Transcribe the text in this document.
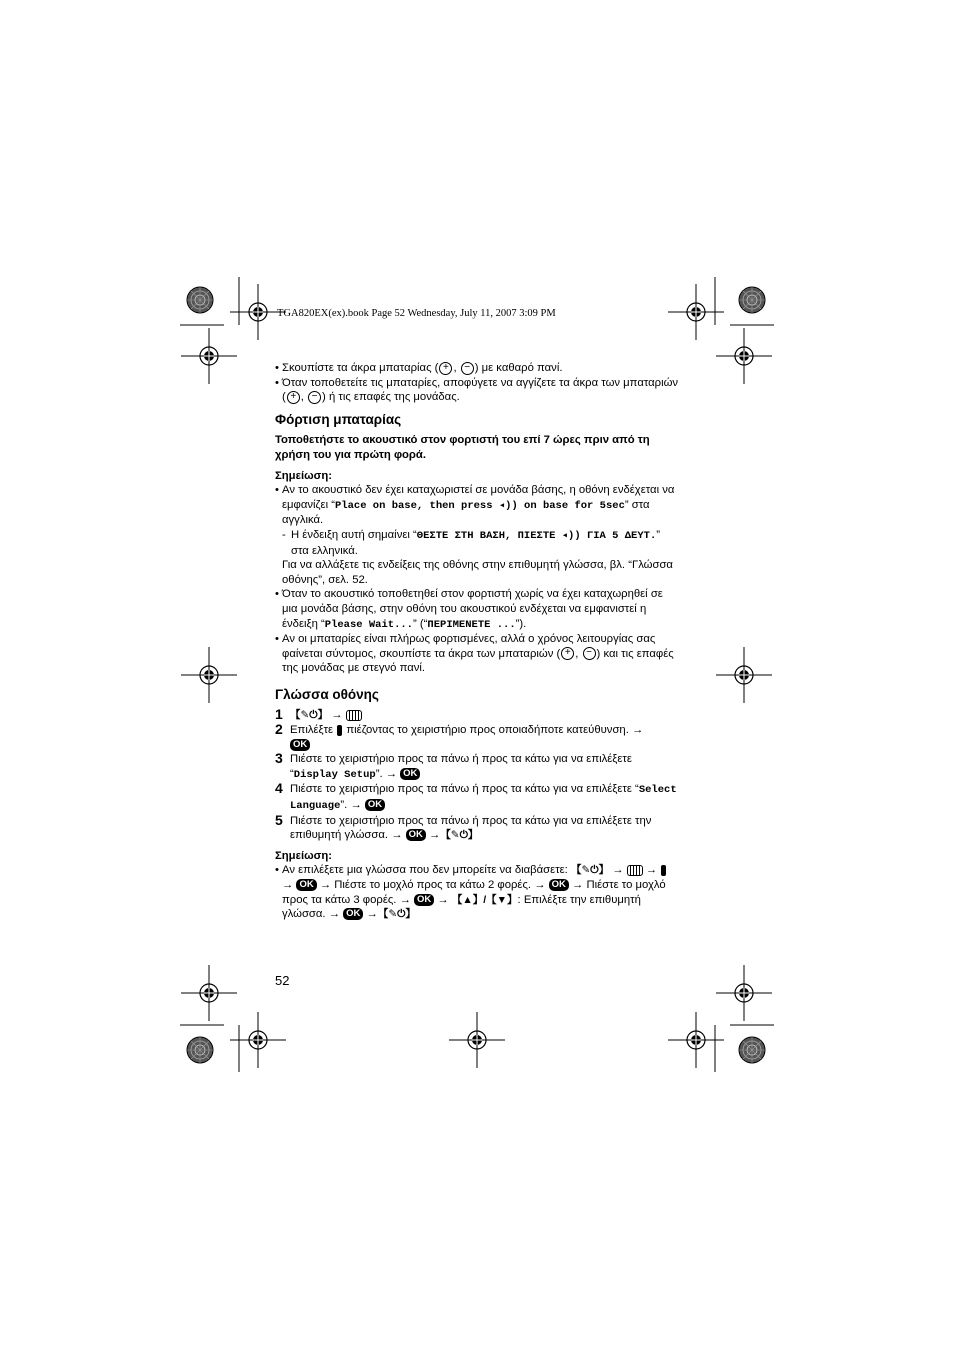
TGA820EX(ex).book Page 52 Wednesday, July 11, 2007 3:09 PM
• Σκουπίστε τα άκρα μπαταρίας ( + , − ) με καθαρό πανί.
• Όταν τοποθετείτε τις μπαταρίες, αποφύγετε να αγγίζετε τα άκρα των μπαταριών ( + , − ) ή τις επαφές της μονάδας.
Φόρτιση μπαταρίας
Τοποθετήστε το ακουστικό στον φορτιστή του επί 7 ώρες πριν από τη χρήση του για πρώτη φορά.
Σημείωση:
• Αν το ακουστικό δεν έχει καταχωριστεί σε μονάδα βάσης, η οθόνη ενδέχεται να εμφανίζει “Place on base, then press ◂)) on base for 5sec” στα αγγλικά.
- Η ένδειξη αυτή σημαίνει “ΘΕΣΤΕ ΣΤΗ ΒΑΣΗ, ΠΙΕΣΤΕ ◂)) ΓΙΑ 5 ΔΕΥΤ.” στα ελληνικά.
Για να αλλάξετε τις ενδείξεις της οθόνης στην επιθυμητή γλώσσα, βλ. “Γλώσσα οθόνης”, σελ. 52.
• Όταν το ακουστικό τοποθετηθεί στον φορτιστή χωρίς να έχει καταχωρηθεί σε μια μονάδα βάσης, στην οθόνη του ακουστικού ενδέχεται να εμφανιστεί η ένδειξη “Please Wait...” (“ΠΕΡΙΜΕΝΕΤΕ ...”).
• Αν οι μπαταρίες είναι πλήρως φορτισμένες, αλλά ο χρόνος λειτουργίας σας φαίνεται σύντομος, σκουπίστε τα άκρα των μπαταριών ( + , − ) και τις επαφές της μονάδας με στεγνό πανί.
Γλώσσα οθόνης
1 【✎⏻】 →
2 Επιλέξτε πιέζοντας το χειριστήριο προς οποιαδήποτε κατεύθυνση. →
OK
3 Πιέστε το χειριστήριο προς τα πάνω ή προς τα κάτω για να επιλέξετε “Display Setup”. → OK
4 Πιέστε το χειριστήριο προς τα πάνω ή προς τα κάτω για να επιλέξετε “Select Language”. → OK
5 Πιέστε το χειριστήριο προς τα πάνω ή προς τα κάτω για να επιλέξετε την επιθυμητή γλώσσα. → OK →【✎⏻】
Σημείωση:
• Αν επιλέξετε μια γλώσσα που δεν μπορείτε να διαβάσετε: 【✎⏻】 → →  → OK → Πιέστε το μοχλό προς τα κάτω 2 φορές. → OK → Πιέστε το μοχλό προς τα κάτω 3 φορές. → OK → 【▲】/【▼】: Επιλέξτε την επιθυμητή γλώσσα. → OK →【✎⏻】
52
